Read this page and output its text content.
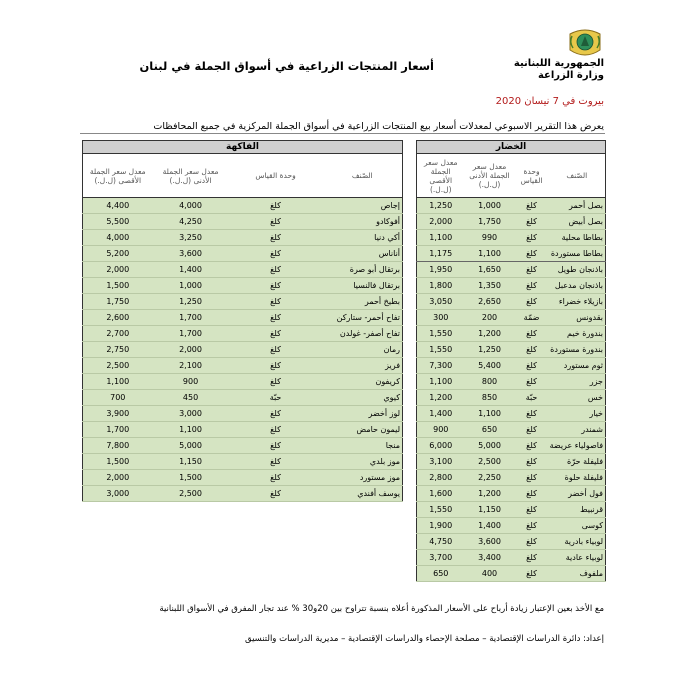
الجمهورية اللبنانية
وزارة الزراعة
أسعار المنتجات الزراعية في أسواق الجملة في لبنان
بيروت في 7 نيسان 2020
يعرض هذا التقرير الاسبوعي لمعدلات أسعار بيع المنتجات الزراعية في أسواق الجملة المركزية في جميع المحافظات
الخضار			
الصّنف	وحدة القياس	معدل سعر الجملة الأدنى (ل.ل.)	معدل سعر الجملة الأقصى (ل.ل.)
بصل أحمر	كلغ	1,000	1,250
بصل أبيض	كلغ	1,750	2,000
بطاطا محلية	كلغ	990	1,100
بطاطا مستوردة	كلغ	1,100	1,175
باذنجان طويل	كلغ	1,650	1,950
باذنجان مدعبل	كلغ	1,350	1,800
بازيلاء خضراء	كلغ	2,650	3,050
بقدونس	ضمّة	200	300
بندورة خيم	كلغ	1,200	1,550
بندورة مستوردة	كلغ	1,250	1,550
ثوم مستورد	كلغ	5,400	7,300
جزر	كلغ	800	1,100
خس	حبّة	850	1,200
خيار	كلغ	1,100	1,400
شمندر	كلغ	650	900
فاصولياء عريضة	كلغ	5,000	6,000
فليفلة حرّة	كلغ	2,500	3,100
فليفلة حلوة	كلغ	2,250	2,800
فول أخضر	كلغ	1,200	1,600
قرنبيط	كلغ	1,150	1,550
كوسى	كلغ	1,400	1,900
لوبياء بادرية	كلغ	3,600	4,750
لوبياء عادية	كلغ	3,400	3,700
ملفوف	كلغ	400	650
الفاكهة			
الصّنف	وحدة القياس	معدل سعر الجملة الأدنى (ل.ل.)	معدل سعر الجملة الأقصى (ل.ل.)
إجاص	كلغ	4,000	4,400
أفوكادو	كلغ	4,250	5,500
أكي دنيا	كلغ	3,250	4,000
أناناس	كلغ	3,600	5,200
برتقال أبو صرة	كلغ	1,400	2,000
برتقال فالنسيا	كلغ	1,000	1,500
بطيخ أحمر	كلغ	1,250	1,750
تفاح أحمر- ستاركن	كلغ	1,700	2,600
تفاح أصفر- غولدن	كلغ	1,700	2,700
رمان	كلغ	2,000	2,750
فريز	كلغ	2,100	2,500
كريفون	كلغ	900	1,100
كيوي	حبّة	450	700
لوز أخضر	كلغ	3,000	3,900
ليمون حامض	كلغ	1,100	1,700
منجا	كلغ	5,000	7,800
موز بلدي	كلغ	1,150	1,500
موز مستورد	كلغ	1,500	2,000
يوسف أفندي	كلغ	2,500	3,000
مع الأخذ بعين الإعتبار زيادة أرباح على الأسعار المذكورة أعلاه بنسبة تتراوح بين 20و30 % عند تجار المفرق في الأسواق اللبنانية
إعداد: دائرة الدراسات الإقتصادية – مصلحة الإحصاء والدراسات الإقتصادية – مديرية الدراسات والتنسيق
